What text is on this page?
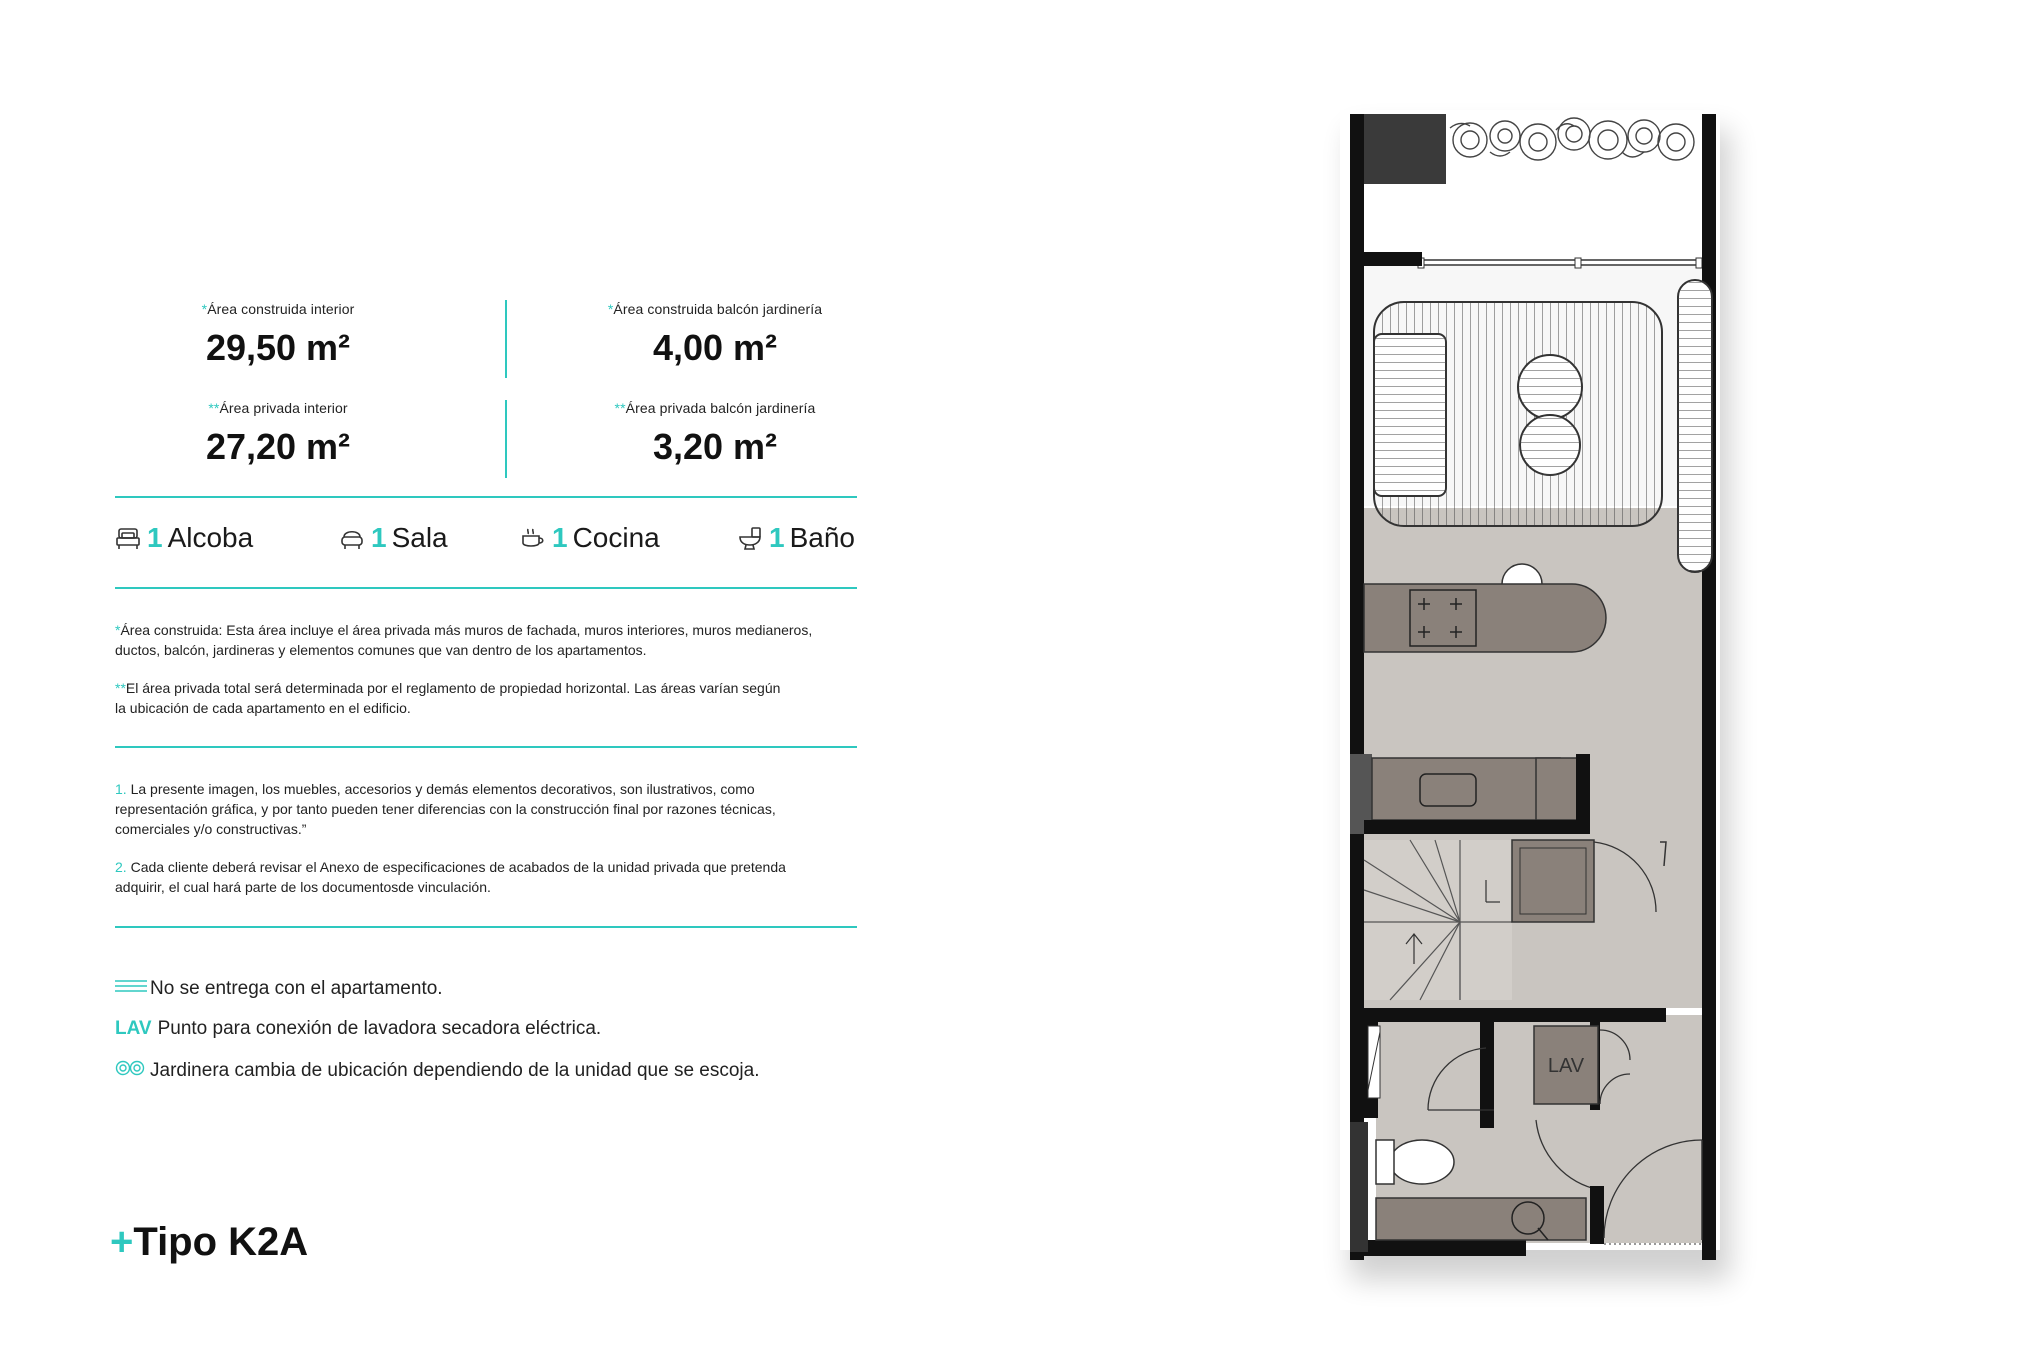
*Área construida interior
29,50 m²
*Área construida balcón jardinería
4,00 m²
**Área privada interior
27,20 m²
**Área privada balcón jardinería
3,20 m²
1 Alcoba	1 Sala	1 Cocina	1 Baño
*Área construida: Esta área incluye el área privada más muros de fachada, muros interiores, muros medianeros,
ductos, balcón, jardineras y elementos comunes que van dentro de los apartamentos.
**El área privada total será determinada por el reglamento de propiedad horizontal. Las áreas varían según
la ubicación de cada apartamento en el edificio.
1. La presente imagen, los muebles, accesorios y demás elementos decorativos, son ilustrativos, como
representación gráfica, y por tanto pueden tener diferencias con la construcción final por razones técnicas,
comerciales y/o constructivas.”
2. Cada cliente deberá revisar el Anexo de especificaciones de acabados de la unidad privada que pretenda
adquirir, el cual hará parte de los documentosde vinculación.
No se entrega con el apartamento.
LAV Punto para conexión de lavadora secadora eléctrica.
Jardinera cambia de ubicación dependiendo de la unidad que se escoja.
+Tipo K2A
LAV
